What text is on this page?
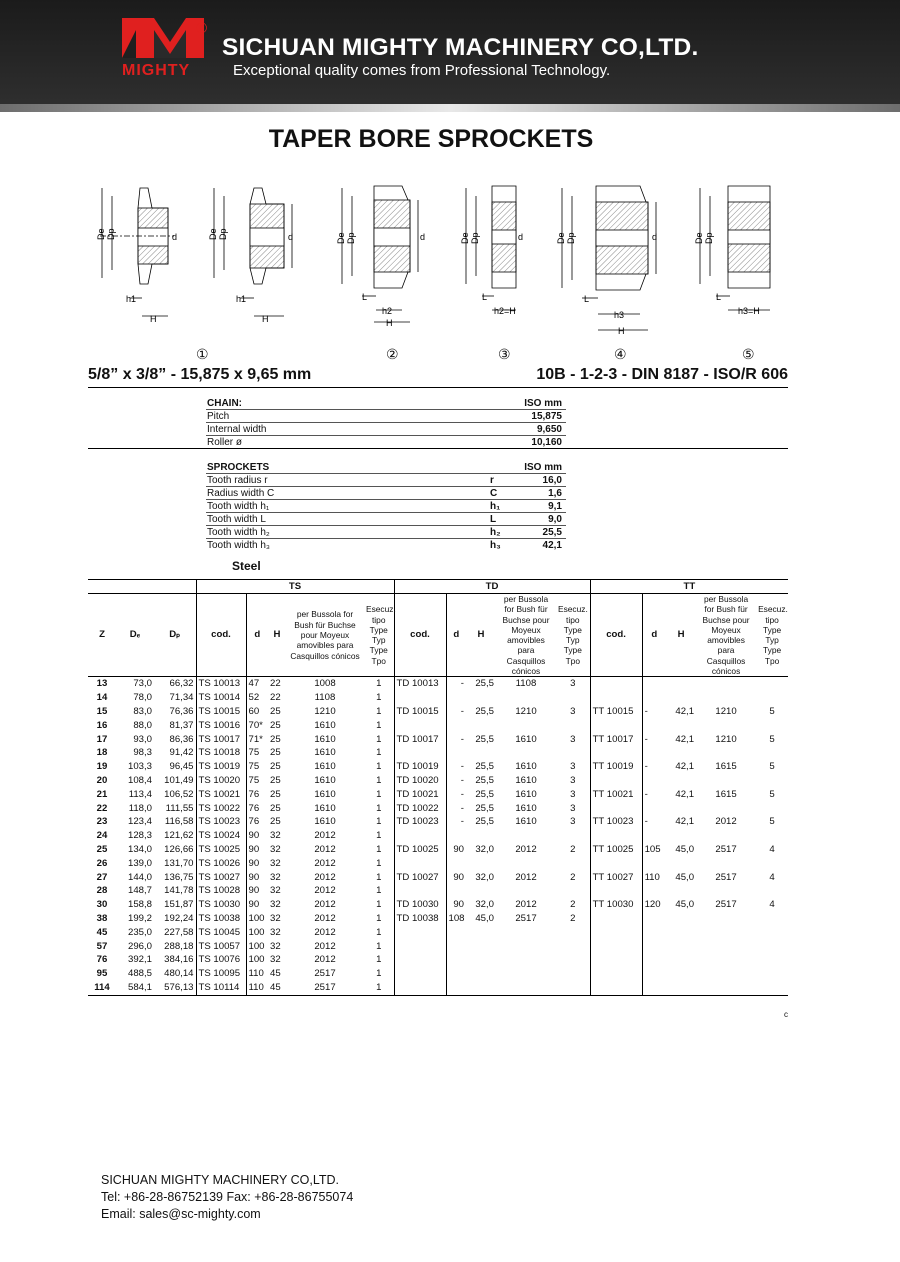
®
MIGHTY
SICHUAN MIGHTY MACHINERY CO,LTD.
Exceptional quality comes from Professional Technology.
TAPER BORE SPROCKETS
De Dp	d
h1
H
De Dp	d
h1
H
De Dp	d
L
h2
H
De Dp	d
L
h2=H
De Dp	d
L
h3
H
De Dp
L
h3=H
①	②	③	④	⑤
5/8” x 3/8” - 15,875 x 9,65 mm	10B - 1-2-3 - DIN 8187 - ISO/R 606
CHAIN:	ISO mm
Pitch	15,875
Internal width	9,650
Roller ø	10,160
SPROCKETS	ISO mm
Tooth radius r	r	16,0
Radius width C	C	1,6
Tooth width h₁	h₁	9,1
Tooth width L	L	9,0
Tooth width h₂	h₂	25,5
Tooth width h₃	h₃	42,1
Steel
			TS					TD					TT				
Z	Dₑ	Dₚ	cod.	d	H	per Bussola for Bush für Buchse pour Moyeux amovibles para Casquillos cónicos	Esecuz. tipo Type Typ Type Tpo	cod.	d	H	per Bussola for Bush für Buchse pour Moyeux amovibles para Casquillos cónicos	Esecuz. tipo Type Typ Type Tpo	cod.	d	H	per Bussola for Bush für Buchse pour Moyeux amovibles para Casquillos cónicos	Esecuz. tipo Type Typ Type Tpo
13	73,0	66,32	TS 10013	47	22	1008	1	TD 10013	-	25,5	1108	3					
14	78,0	71,34	TS 10014	52	22	1108	1										
15	83,0	76,36	TS 10015	60	25	1210	1	TD 10015	-	25,5	1210	3	TT 10015	-	42,1	1210	5
16	88,0	81,37	TS 10016	70*	25	1610	1										
17	93,0	86,36	TS 10017	71*	25	1610	1	TD 10017	-	25,5	1610	3	TT 10017	-	42,1	1210	5
18	98,3	91,42	TS 10018	75	25	1610	1										
19	103,3	96,45	TS 10019	75	25	1610	1	TD 10019	-	25,5	1610	3	TT 10019	-	42,1	1615	5
20	108,4	101,49	TS 10020	75	25	1610	1	TD 10020	-	25,5	1610	3					
21	113,4	106,52	TS 10021	76	25	1610	1	TD 10021	-	25,5	1610	3	TT 10021	-	42,1	1615	5
22	118,0	111,55	TS 10022	76	25	1610	1	TD 10022	-	25,5	1610	3					
23	123,4	116,58	TS 10023	76	25	1610	1	TD 10023	-	25,5	1610	3	TT 10023	-	42,1	2012	5
24	128,3	121,62	TS 10024	90	32	2012	1										
25	134,0	126,66	TS 10025	90	32	2012	1	TD 10025	90	32,0	2012	2	TT 10025	105	45,0	2517	4
26	139,0	131,70	TS 10026	90	32	2012	1										
27	144,0	136,75	TS 10027	90	32	2012	1	TD 10027	90	32,0	2012	2	TT 10027	110	45,0	2517	4
28	148,7	141,78	TS 10028	90	32	2012	1										
30	158,8	151,87	TS 10030	90	32	2012	1	TD 10030	90	32,0	2012	2	TT 10030	120	45,0	2517	4
38	199,2	192,24	TS 10038	100	32	2012	1	TD 10038	108	45,0	2517	2					
45	235,0	227,58	TS 10045	100	32	2012	1										
57	296,0	288,18	TS 10057	100	32	2012	1										
76	392,1	384,16	TS 10076	100	32	2012	1										
95	488,5	480,14	TS 10095	110	45	2517	1										
114	584,1	576,13	TS 10114	110	45	2517	1										
c
SICHUAN MIGHTY MACHINERY CO,LTD.
Tel: +86-28-86752139 Fax: +86-28-86755074
Email: sales@sc-mighty.com
